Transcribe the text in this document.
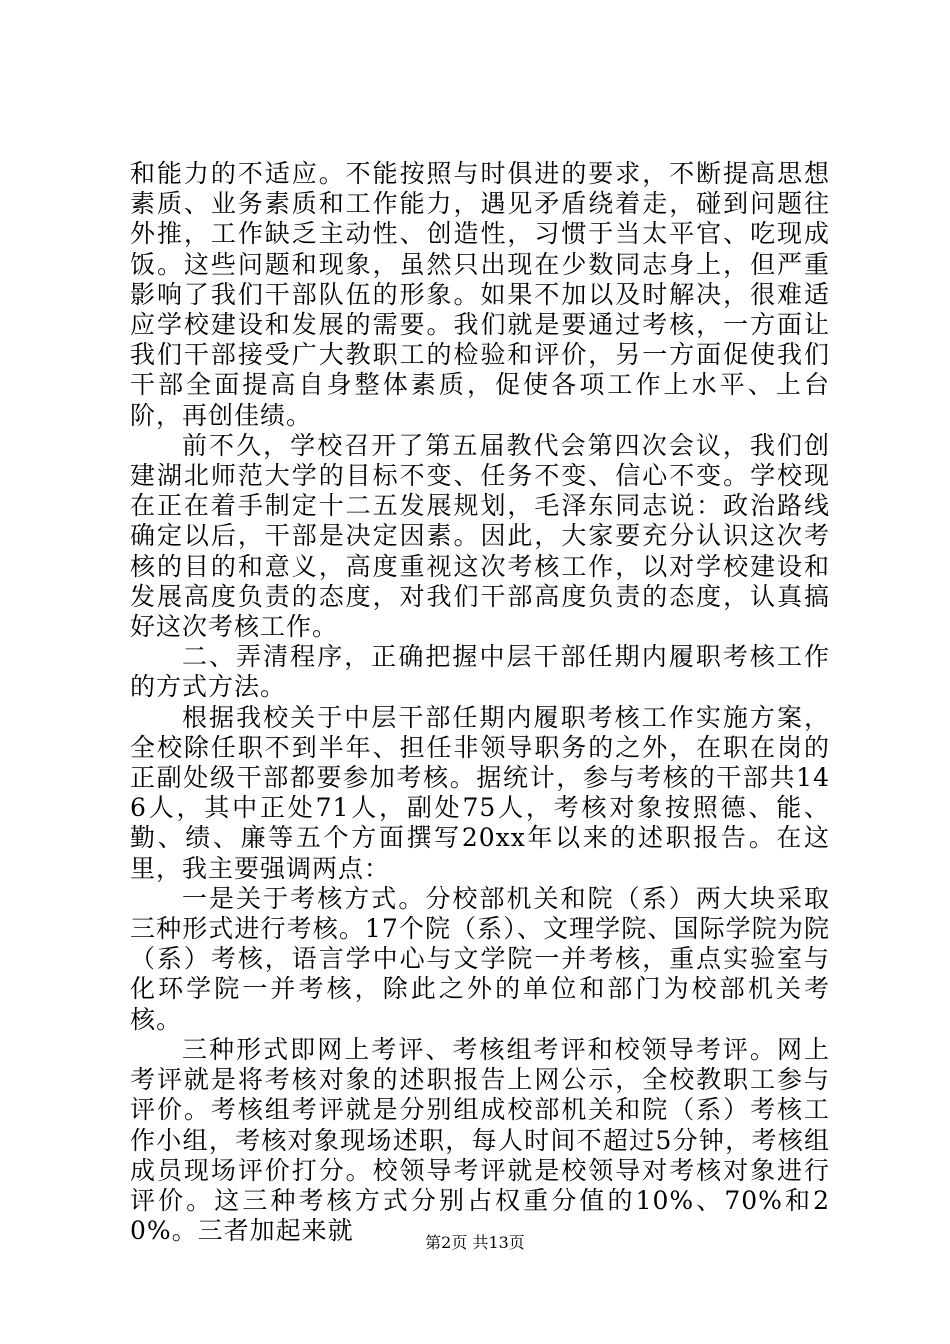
和能力的不适应。不能按照与时俱进的要求，不断提高思想素质、业务素质和工作能力，遇见矛盾绕着走，碰到问题往外推，工作缺乏主动性、创造性，习惯于当太平官、吃现成饭。这些问题和现象，虽然只出现在少数同志身上，但严重影响了我们干部队伍的形象。如果不加以及时解决，很难适应学校建设和发展的需要。我们就是要通过考核，一方面让我们干部接受广大教职工的检验和评价，另一方面促使我们干部全面提高自身整体素质，促使各项工作上水平、上台阶，再创佳绩。

前不久，学校召开了第五届教代会第四次会议，我们创建湖北师范大学的目标不变、任务不变、信心不变。学校现在正在着手制定十二五发展规划，毛泽东同志说：政治路线确定以后，干部是决定因素。因此，大家要充分认识这次考核的目的和意义，高度重视这次考核工作，以对学校建设和发展高度负责的态度，对我们干部高度负责的态度，认真搞好这次考核工作。

二、弄清程序，正确把握中层干部任期内履职考核工作的方式方法。

根据我校关于中层干部任期内履职考核工作实施方案，全校除任职不到半年、担任非领导职务的之外，在职在岗的正副处级干部都要参加考核。据统计，参与考核的干部共146人，其中正处71人，副处75人，考核对象按照德、能、勤、绩、廉等五个方面撰写20xx年以来的述职报告。在这里，我主要强调两点：

一是关于考核方式。分校部机关和院（系）两大块采取三种形式进行考核。17个院（系）、文理学院、国际学院为院（系）考核，语言学中心与文学院一并考核，重点实验室与化环学院一并考核，除此之外的单位和部门为校部机关考核。

三种形式即网上考评、考核组考评和校领导考评。网上考评就是将考核对象的述职报告上网公示，全校教职工参与评价。考核组考评就是分别组成校部机关和院（系）考核工作小组，考核对象现场述职，每人时间不超过5分钟，考核组成员现场评价打分。校领导考评就是校领导对考核对象进行评价。这三种考核方式分别占权重分值的10%、70%和20%。三者加起来就	第2页 共13页
